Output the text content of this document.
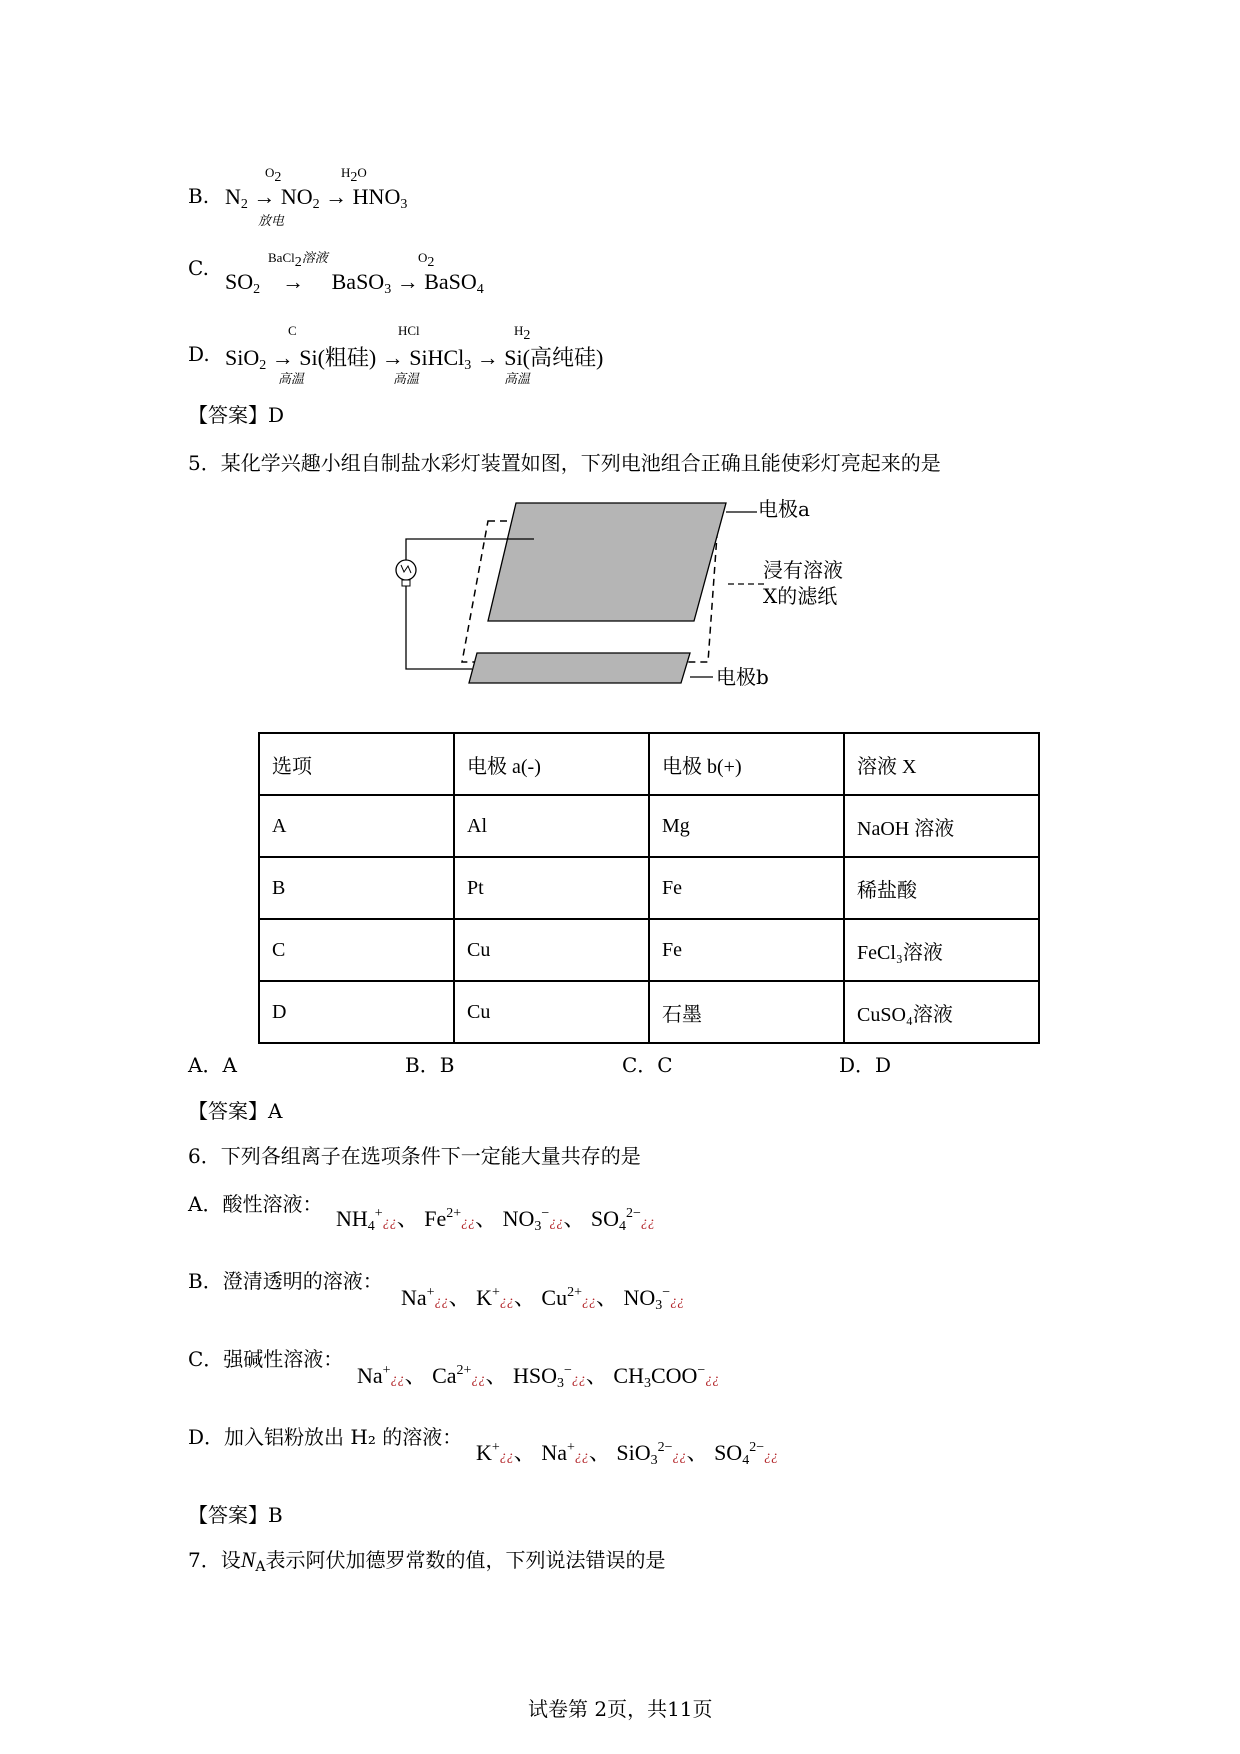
B.
$O_2$	$H_2O$
$N_2 \to NO_2 \to HNO_3$
放电
C.	BaCl$_2$溶液	$O_2$
$SO_2$ → BaSO$_3$ → BaSO$_4$
D.
C	HCl	$H_2$
SiO$_2$ → Si(粗硅) → SiHCl$_3$ → Si(高纯硅)
高温	高温	高温
【答案】D
5．某化学兴趣小组自制盐水彩灯装置如图，下列电池组合正确且能使彩灯亮起来的是
电极a
浸有溶液
X的滤纸
电极b
选项	电极 a(-)	电极 b(+)	溶液 X
A	Al	Mg	NaOH 溶液
B	Pt	Fe	稀盐酸
C	Cu	Fe	FeCl₃溶液
D	Cu	石墨	CuSO₄溶液
A．A	B．B	C．C	D．D
【答案】A
6．下列各组离子在选项条件下一定能大量共存的是
A．酸性溶液：
$NH_4^+¿¿$、 $Fe^{2+}¿¿$、 $NO_3^-¿¿$、 $SO_4^{2-}¿¿$
B．澄清透明的溶液：
Na+¿¿、 K+¿¿、 $Cu^{2+}¿¿$、 $NO_3^-¿¿$
C．强碱性溶液：
Na+¿¿、 $Ca^{2+}¿¿$、 $HSO_3^-¿¿$、 $CH_3COO^-¿¿$
D．加入铝粉放出 H₂ 的溶液：
K+¿¿、 Na+¿¿、 SiO$_3^{2-}$¿¿、 $SO_4^{2-}¿¿$
【答案】B
7．设$N_A$表示阿伏加德罗常数的值，下列说法错误的是
试卷第 2页，共11页
